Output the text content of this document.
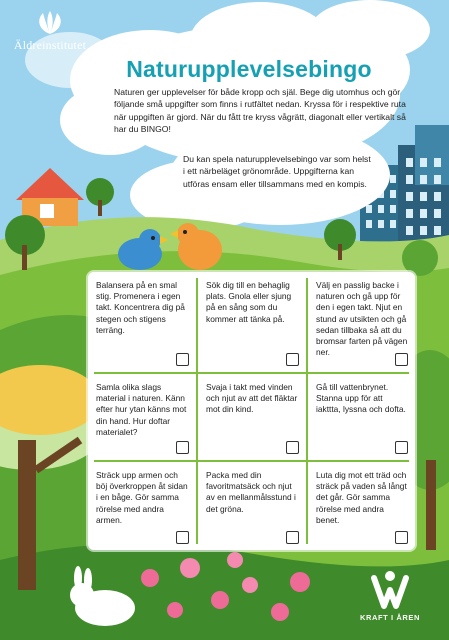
Äldreinstitutet
Naturupplevelsebingo

Naturen ger upplevelser för både kropp och själ. Bege dig utomhus och gör följande små uppgifter som finns i rutfältet nedan. Kryssa för i respektive ruta när uppgiften är gjord. När du fått tre kryss vågrätt, diagonalt eller vertikalt så har du BINGO!

Du kan spela naturupplevelsebingo var som helst i ett närbeläget grönområde. Uppgifterna kan utföras ensam eller tillsammans med en kompis.

Balansera på en smal stig. Promenera i egen takt. Koncentrera dig på stegen och stigens terräng.
Sök dig till en behaglig plats. Gnola eller sjung på en sång som du kommer att tänka på.
Välj en passlig backe i naturen och gå upp för den i egen takt. Njut en stund av utsikten och gå sedan tillbaka så att du bromsar farten på vägen ner.
Samla olika slags material i naturen. Känn efter hur ytan känns mot din hand. Hur doftar materialet?
Svaja i takt med vinden och njut av att det fläktar mot din kind.
Gå till vattenbrynet. Stanna upp för att iakttta, lyssna och dofta.
Sträck upp armen och böj överkroppen åt sidan i en båge. Gör samma rörelse med andra armen.
Packa med din favoritmatsäck och njut av en mellanmålsstund i det gröna.
Luta dig mot ett träd och sträck på vaden så långt det går. Gör samma rörelse med andra benet.
KRAFT I ÅREN
